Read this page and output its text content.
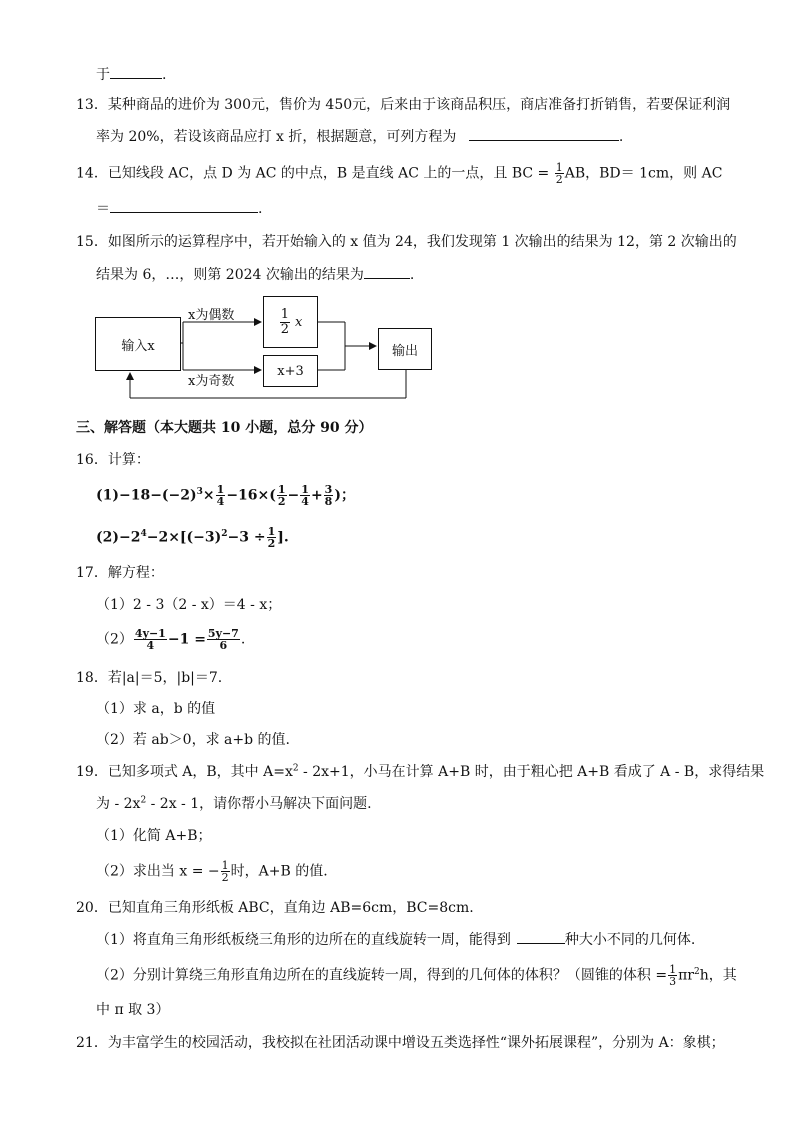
于	.
13．某种商品的进价为 300元，售价为 450元，后来由于该商品积压，商店准备打折销售，若要保证利润
率为 20%，若设该商品应打 x 折，根据题意，可列方程为	.
14．已知线段 AC，点 D 为 AC 的中点，B 是直线 AC 上的一点，且 BC = $\frac{1}{2}$ AB，BD＝ 1cm，则 AC
＝	.
15．如图所示的运算程序中，若开始输入的 x 值为 24，我们发现第 1 次输出的结果为 12，第 2 次输出的
结果为 6，…，则第 2024 次输出的结果为	.
输入x
x为偶数
x为奇数
$\frac{1}{2}$ x
x+3
输出
三、解答题（本大题共 10 小题，总分 90 分）
16．计算：
$(1)-18-(-2)^3\times \frac{1}{4} -16\times( \frac{1}{2} - \frac{1}{4} + \frac{3}{8}$ )；
$(2)-2^4-2\times[(-3)^2-3 \div \frac{1}{2}$ ].
17．解方程：
（1）2 - 3（2 - x）＝4 - x；
$(2) \frac{4y-1}{4} -1 = \frac{5y-7}{6}$ .
18．若|a|＝5，|b|＝7.
（1）求 a，b 的值
（2）若 ab＞0，求 a+b 的值.
19．已知多项式 A，B，其中 $A=x^2 - 2x+1$，小马在计算 A+B 时，由于粗心把 A+B 看成了 A - B，求得结果
为 - $2x^2 - 2x - 1$，请你帮小马解决下面问题.
（1）化简 A+B；
（2）求出当 x = − $\frac{1}{2}$ 时，A+B 的值.
20．已知直角三角形纸板 ABC，直角边 AB=6cm，BC=8cm.
（1）将直角三角形纸板绕三角形的边所在的直线旋转一周，能得到	种大小不同的几何体.
（2）分别计算绕三角形直角边所在的直线旋转一周，得到的几何体的体积？（圆锥的体积 = $\frac{1}{3} \pi r^2h$，其
中 π 取 3）
21．为丰富学生的校园活动，我校拟在社团活动课中增设五类选择性“课外拓展课程”，分别为 A：象棋；
